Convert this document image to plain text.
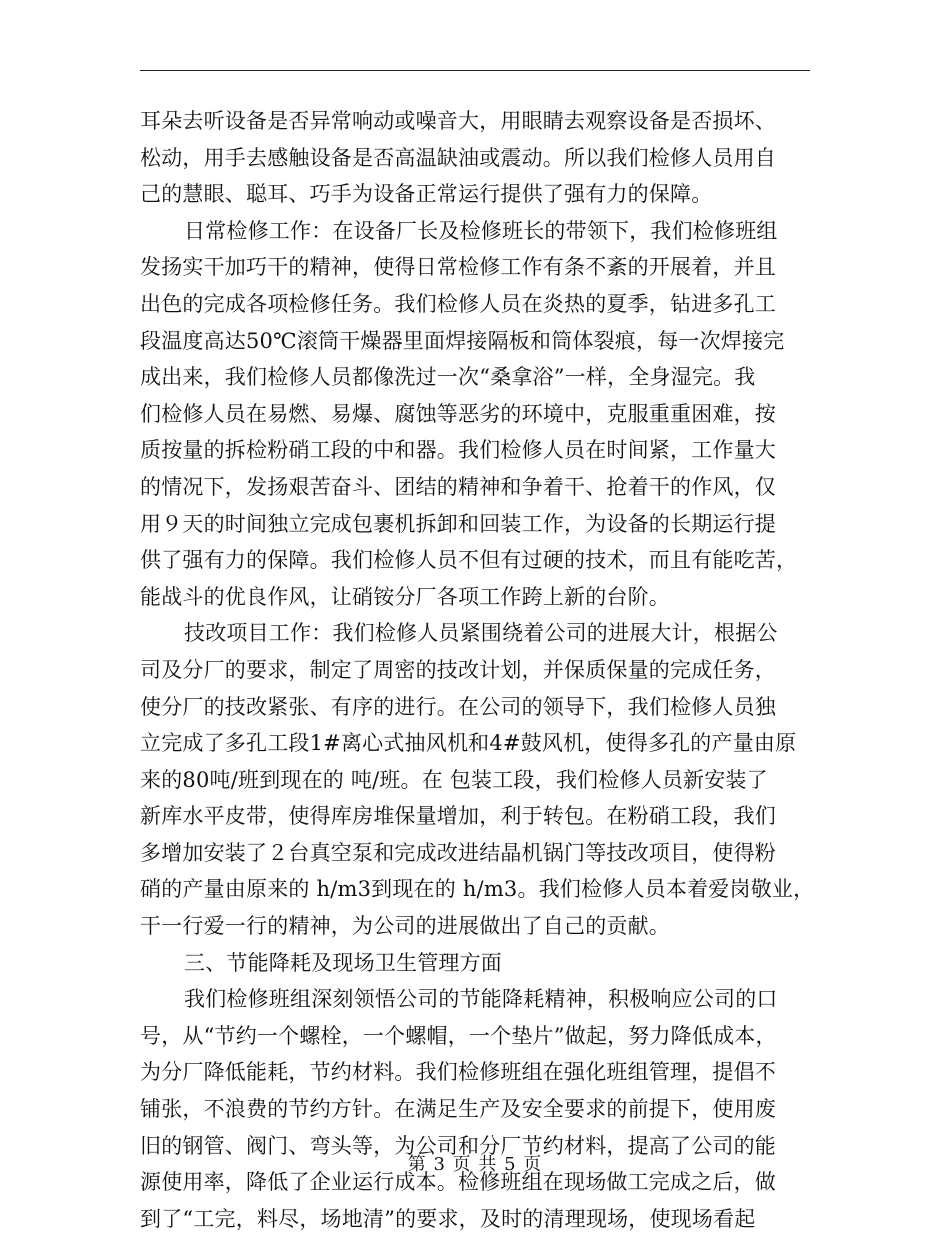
耳朵去听设备是否异常响动或噪音大，用眼睛去观察设备是否损坏、
松动，用手去感触设备是否高温缺油或震动。所以我们检修人员用自
己的慧眼、聪耳、巧手为设备正常运行提供了强有力的保障。
日常检修工作：在设备厂长及检修班长的带领下，我们检修班组
发扬实干加巧干的精神，使得日常检修工作有条不紊的开展着，并且
出色的完成各项检修任务。我们检修人员在炎热的夏季，钻进多孔工
段温度高达50℃滚筒干燥器里面焊接隔板和筒体裂痕，每一次焊接完
成出来，我们检修人员都像洗过一次“桑拿浴”一样，全身湿完。我
们检修人员在易燃、易爆、腐蚀等恶劣的环境中，克服重重困难，按
质按量的拆检粉硝工段的中和器。我们检修人员在时间紧，工作量大
的情况下，发扬艰苦奋斗、团结的精神和争着干、抢着干的作风，仅
用９天的时间独立完成包裹机拆卸和回装工作，为设备的长期运行提
供了强有力的保障。我们检修人员不但有过硬的技术，而且有能吃苦，
能战斗的优良作风，让硝铵分厂各项工作跨上新的台阶。
技改项目工作：我们检修人员紧围绕着公司的进展大计，根据公
司及分厂的要求，制定了周密的技改计划，并保质保量的完成任务，
使分厂的技改紧张、有序的进行。在公司的领导下，我们检修人员独
立完成了多孔工段1#离心式抽风机和4#鼓风机，使得多孔的产量由原
来的80吨/班到现在的 吨/班。在 包装工段，我们检修人员新安装了
新库水平皮带，使得库房堆保量增加，利于转包。在粉硝工段，我们
多增加安装了２台真空泵和完成改进结晶机锅门等技改项目，使得粉
硝的产量由原来的 h/m3到现在的 h/m3。我们检修人员本着爱岗敬业，
干一行爱一行的精神，为公司的进展做出了自己的贡献。
三、节能降耗及现场卫生管理方面
我们检修班组深刻领悟公司的节能降耗精神，积极响应公司的口
号，从“节约一个螺栓，一个螺帽，一个垫片”做起，努力降低成本，
为分厂降低能耗，节约材料。我们检修班组在强化班组管理，提倡不
铺张，不浪费的节约方针。在满足生产及安全要求的前提下，使用废
旧的钢管、阀门、弯头等，为公司和分厂节约材料，提高了公司的能
源使用率，降低了企业运行成本。检修班组在现场做工完成之后，做
到了“工完，料尽，场地清”的要求，及时的清理现场，使现场看起
第 3 页 共 5 页
